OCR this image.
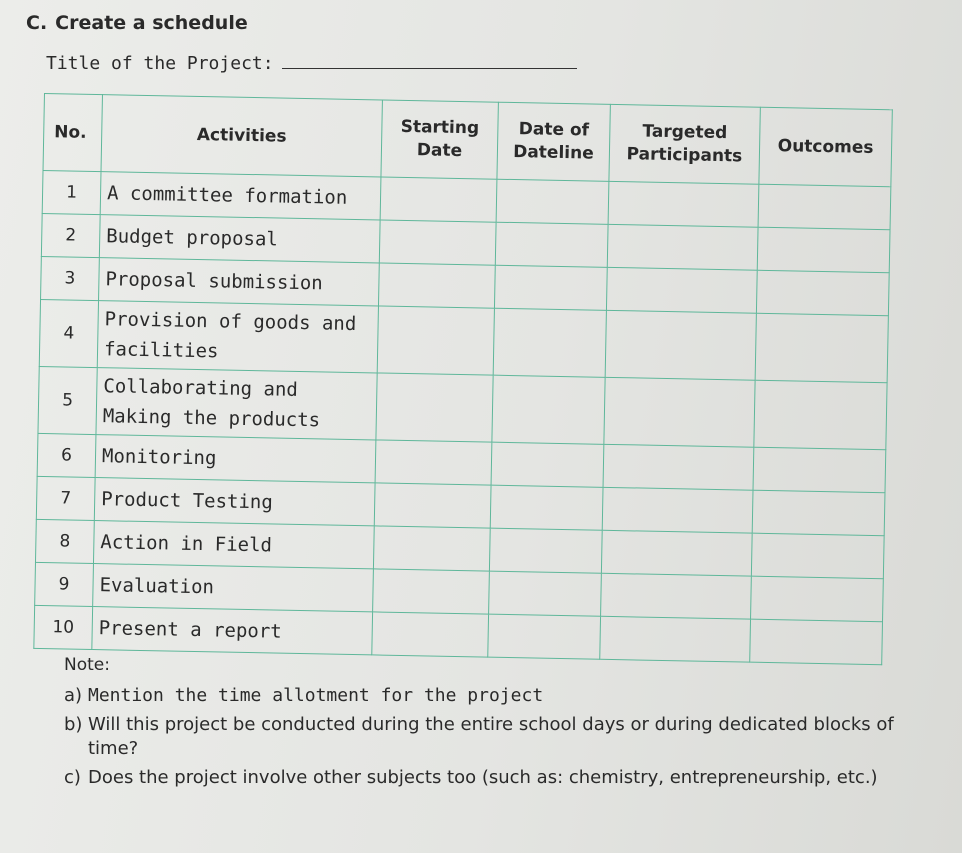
C. Create a schedule
Title of the Project:
No.	Activities	Starting Date	Date of Dateline	Targeted Participants	Outcomes
1	A committee formation				
2	Budget proposal				
3	Proposal submission				
4	Provision of goods and facilities				
5	Collaborating and Making the products				
6	Monitoring				
7	Product Testing				
8	Action in Field				
9	Evaluation				
10	Present a report				
Note:
a) Mention the time allotment for the project
b) Will this project be conducted during the entire school days or during dedicated blocks of time?
c) Does the project involve other subjects too (such as: chemistry, entrepreneurship, etc.)
